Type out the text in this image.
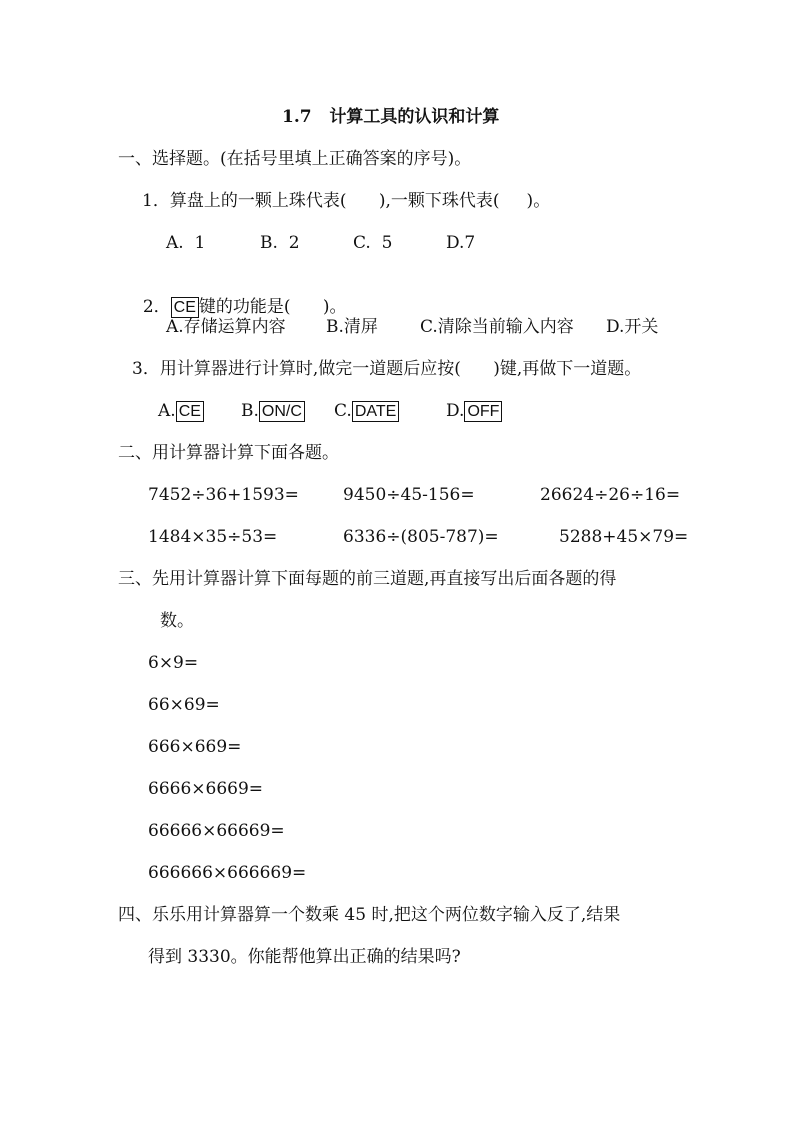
1.7   计算工具的认识和计算
一、选择题。(在括号里填上正确答案的序号)。
1．算盘上的一颗上珠代表(      ),一颗下珠代表(     )。
A.  1	B.  2	C.  5	D.7

2． CE 键的功能是(      )。

A.存储运算内容 B.清屏 C.清除当前输入内容 D.开关
3．用计算器进行计算时,做完一道题后应按(      )键,再做下一道题。
A. CE B. ON/C C. DATE	D. OFF
二、用计算器计算下面各题。
7452÷36+1593=	9450÷45-156=	26624÷26÷16=
1484×35÷53=	6336÷(805-787)=	5288+45×79=
三、先用计算器计算下面每题的前三道题,再直接写出后面各题的得
数。
6×9=
66×69=
666×669=
6666×6669=
66666×66669=
666666×666669=
四、乐乐用计算器算一个数乘 45 时,把这个两位数字输入反了,结果
得到 3330。你能帮他算出正确的结果吗?
